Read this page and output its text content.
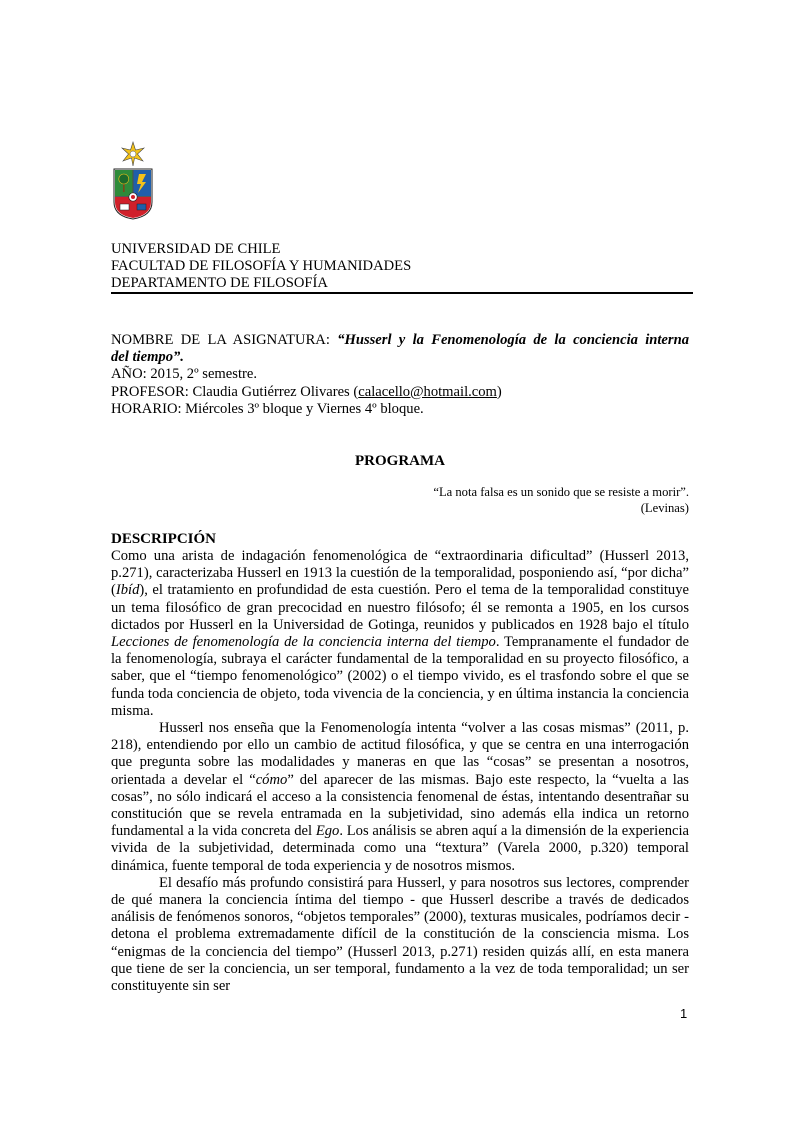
UNIVERSIDAD DE CHILE
FACULTAD DE FILOSOFÍA Y HUMANIDADES
DEPARTAMENTO DE FILOSOFÍA
NOMBRE DE LA ASIGNATURA: “Husserl y la Fenomenología de la conciencia interna
del tiempo”.
AÑO: 2015, 2º semestre.
PROFESOR: Claudia Gutiérrez Olivares (calacello@hotmail.com)
HORARIO: Miércoles 3º bloque y Viernes 4º bloque.
PROGRAMA
“La nota falsa es un sonido que se resiste a morir”.
(Levinas)
DESCRIPCIÓN

Como una arista de indagación fenomenológica de “extraordinaria dificultad” (Husserl 2013, p.271), caracterizaba Husserl en 1913 la cuestión de la temporalidad, posponiendo así, “por dicha” (Ibíd), el tratamiento en profundidad de esta cuestión. Pero el tema de la temporalidad constituye un tema filosófico de gran precocidad en nuestro filósofo; él se remonta a 1905, en los cursos dictados por Husserl en la Universidad de Gotinga, reunidos y publicados en 1928 bajo el título Lecciones de fenomenología de la conciencia interna del tiempo. Tempranamente el fundador de la fenomenología, subraya el carácter fundamental de la temporalidad en su proyecto filosófico, a saber, que el “tiempo fenomenológico” (2002) o el tiempo vivido, es el trasfondo sobre el que se funda toda conciencia de objeto, toda vivencia de la conciencia, y en última instancia la conciencia misma.

Husserl nos enseña que la Fenomenología intenta “volver a las cosas mismas” (2011, p. 218), entendiendo por ello un cambio de actitud filosófica, y que se centra en una interrogación que pregunta sobre las modalidades y maneras en que las “cosas” se presentan a nosotros, orientada a develar el “cómo” del aparecer de las mismas. Bajo este respecto, la “vuelta a las cosas”, no sólo indicará el acceso a la consistencia fenomenal de éstas, intentando desentrañar su constitución que se revela entramada en la subjetividad, sino además ella indica un retorno fundamental a la vida concreta del Ego. Los análisis se abren aquí a la dimensión de la experiencia vivida de la subjetividad, determinada como una “textura” (Varela 2000, p.320) temporal dinámica, fuente temporal de toda experiencia y de nosotros mismos.

El desafío más profundo consistirá para Husserl, y para nosotros sus lectores, comprender de qué manera la conciencia íntima del tiempo - que Husserl describe a través de dedicados análisis de fenómenos sonoros, “objetos temporales” (2000), texturas musicales, podríamos decir - detona el problema extremadamente difícil de la constitución de la consciencia misma. Los “enigmas de la conciencia del tiempo” (Husserl 2013, p.271) residen quizás allí, en esta manera que tiene de ser la conciencia, un ser temporal, fundamento a la vez de toda temporalidad; un ser constituyente sin ser

1
